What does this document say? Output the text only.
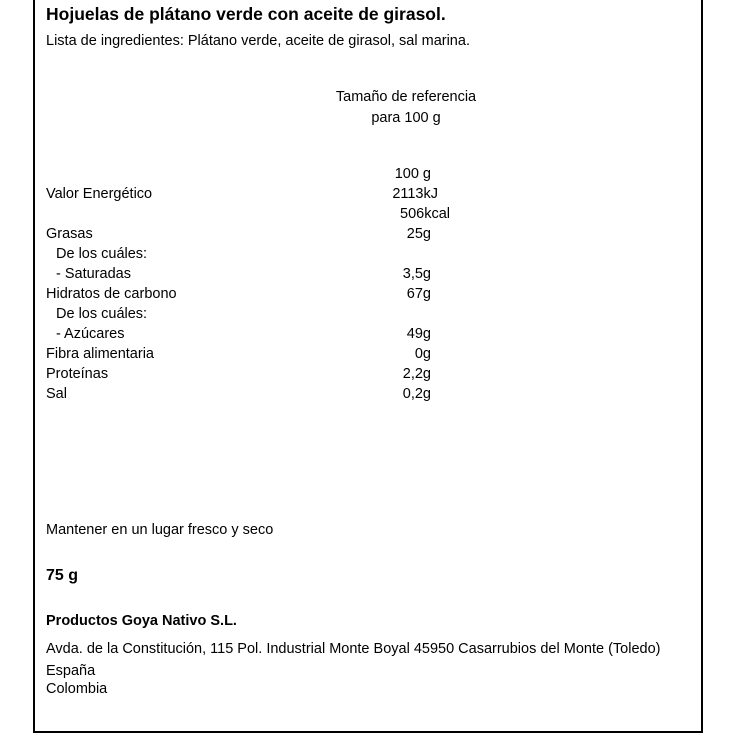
Hojuelas de plátano verde con aceite de girasol.
Lista de ingredientes: Plátano verde, aceite de girasol, sal marina.
Tamaño de referencia
para 100 g
100 g
Valor Energético	2113kJ
506kcal
Grasas	25g
De los cuáles:
- Saturadas	3,5g
Hidratos de carbono	67g
De los cuáles:
- Azúcares	49g
Fibra alimentaria	0g
Proteínas	2,2g
Sal	0,2g
Mantener en un lugar fresco y seco
75 g
Productos Goya Nativo S.L.
Avda. de la Constitución, 115 Pol. Industrial Monte Boyal 45950 Casarrubios del Monte (Toledo) España
Colombia
